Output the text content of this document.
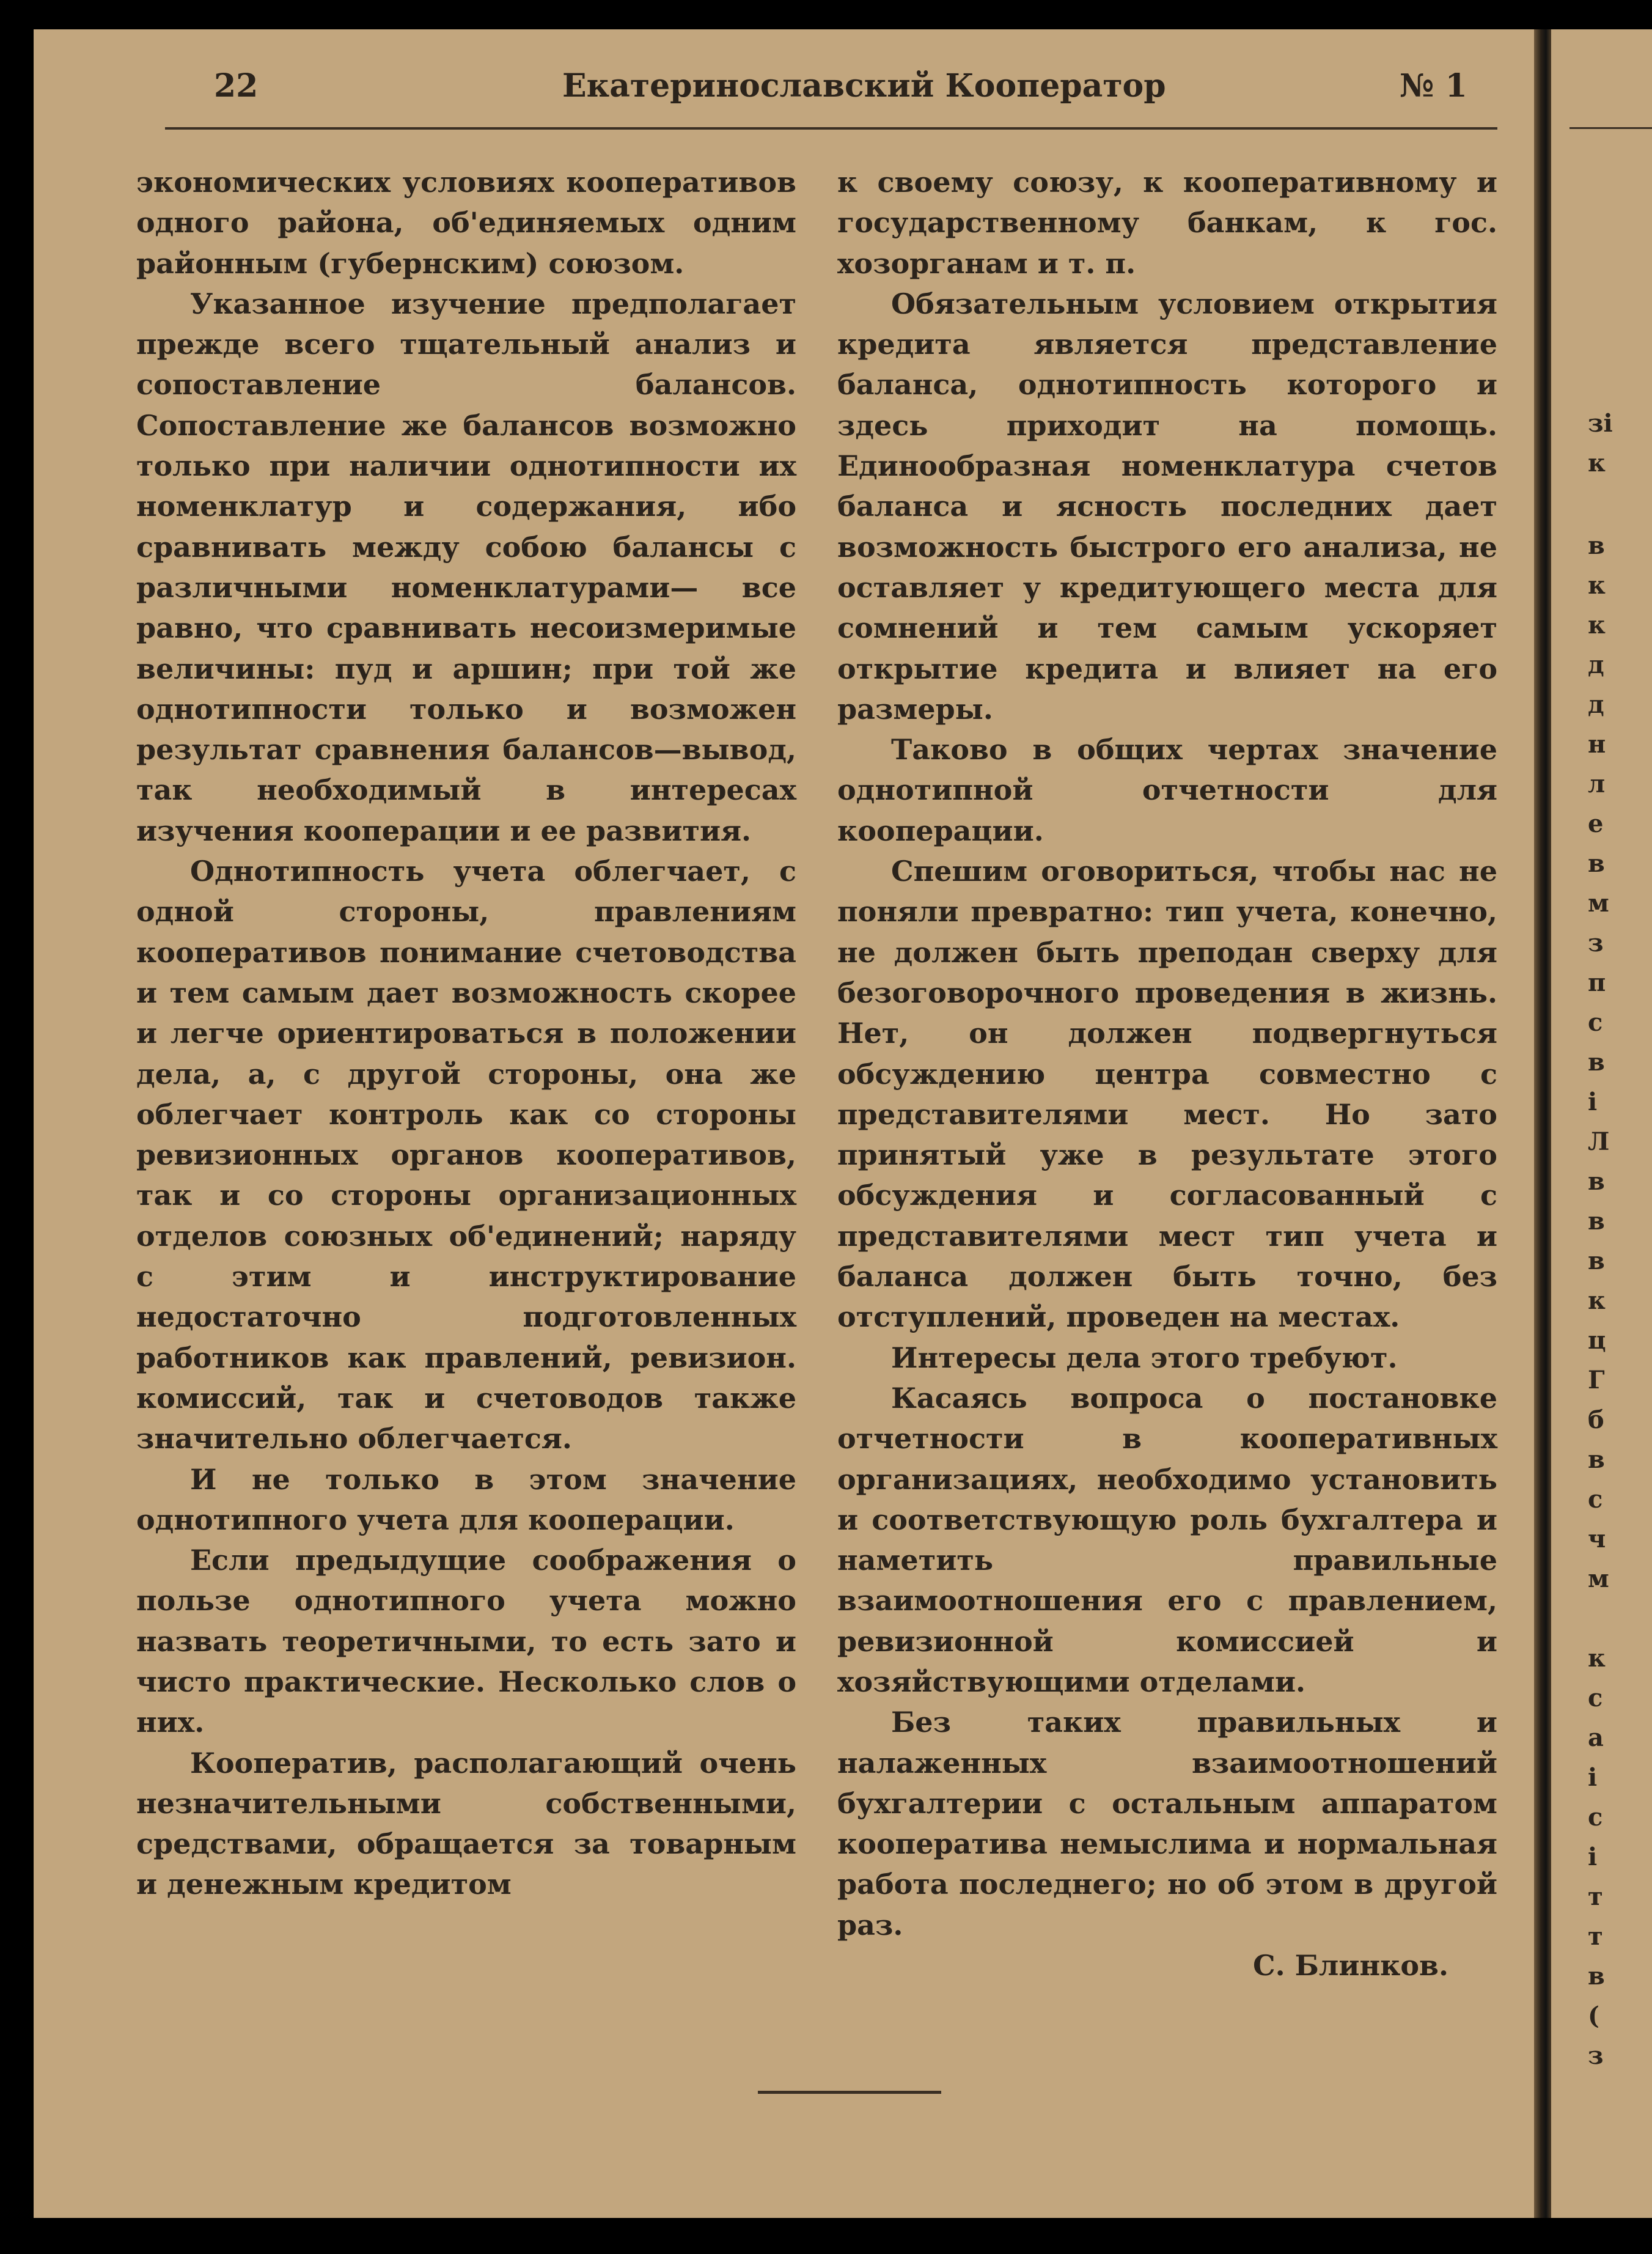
22	Екатеринославский Кооператор	№ 1

экономических условиях кооперативов одного района, об'единяемых одним районным (губернским) союзом.

Указанное изучение предполагает прежде всего тщательный анализ и сопоставление балансов. Сопоставление же балансов возможно только при наличии однотипности их номенклатур и содержания, ибо сравнивать между собою балансы с различными номенклатурами— все равно, что сравнивать несоизмеримые величины: пуд и аршин; при той же однотипности только и возможен результат сравнения балансов—вывод, так необходимый в интересах изучения кооперации и ее развития.

Однотипность учета облегчает, с одной стороны, правлениям кооперативов понимание счетоводства и тем самым дает возможность скорее и легче ориентироваться в положении дела, а, с другой стороны, она же облегчает контроль как со стороны ревизионных органов кооперативов, так и со стороны организационных отделов союзных об'единений; наряду с этим и инструктирование недостаточно подготовленных работников как правлений, ревизион. комиссий, так и счетоводов также значительно облегчается.

И не только в этом значение однотипного учета для кооперации.

Если предыдущие соображения о пользе однотипного учета можно назвать теоретичными, то есть зато и чисто практические. Несколько слов о них.

Кооператив, располагающий очень незначительными собственными, средствами, обращается за товарным и денежным кредитом

к своему союзу, к кооперативному и государственному банкам, к гос. хозорганам и т. п.

Обязательным условием открытия кредита является представление баланса, однотипность которого и здесь приходит на помощь. Единообразная номенклатура счетов баланса и ясность последних дает возможность быстрого его анализа, не оставляет у кредитующего места для сомнений и тем самым ускоряет открытие кредита и влияет на его размеры.

Таково в общих чертах значение однотипной отчетности для кооперации.

Спешим оговориться, чтобы нас не поняли превратно: тип учета, конечно, не должен быть преподан сверху для безоговорочного проведения в жизнь. Нет, он должен подвергнуться обсуждению центра совместно с представителями мест. Но зато принятый уже в результате этого обсуждения и согласованный с представителями мест тип учета и баланса должен быть точно, без отступлений, проведен на местах.

Интересы дела этого требуют.

Касаясь вопроса о постановке отчетности в кооперативных организациях, необходимо установить и соответствующую роль бухгалтера и наметить правильные взаимоотношения его с правлением, ревизионной комиссией и хозяйствующими отделами.

Без таких правильных и налаженных взаимоотношений бухгалтерии с остальным аппаратом кооператива немыслима и нормальная работа последнего; но об этом в другой раз.

С. Блинков.

зі
к
в
к
к
д
д
н
л
е
в
м
з
п
с
в
і
Л
в
в
в
к
ц
Г
б
в
с
ч
м
к
с
а
і
с
і
т
т
в
(
з
